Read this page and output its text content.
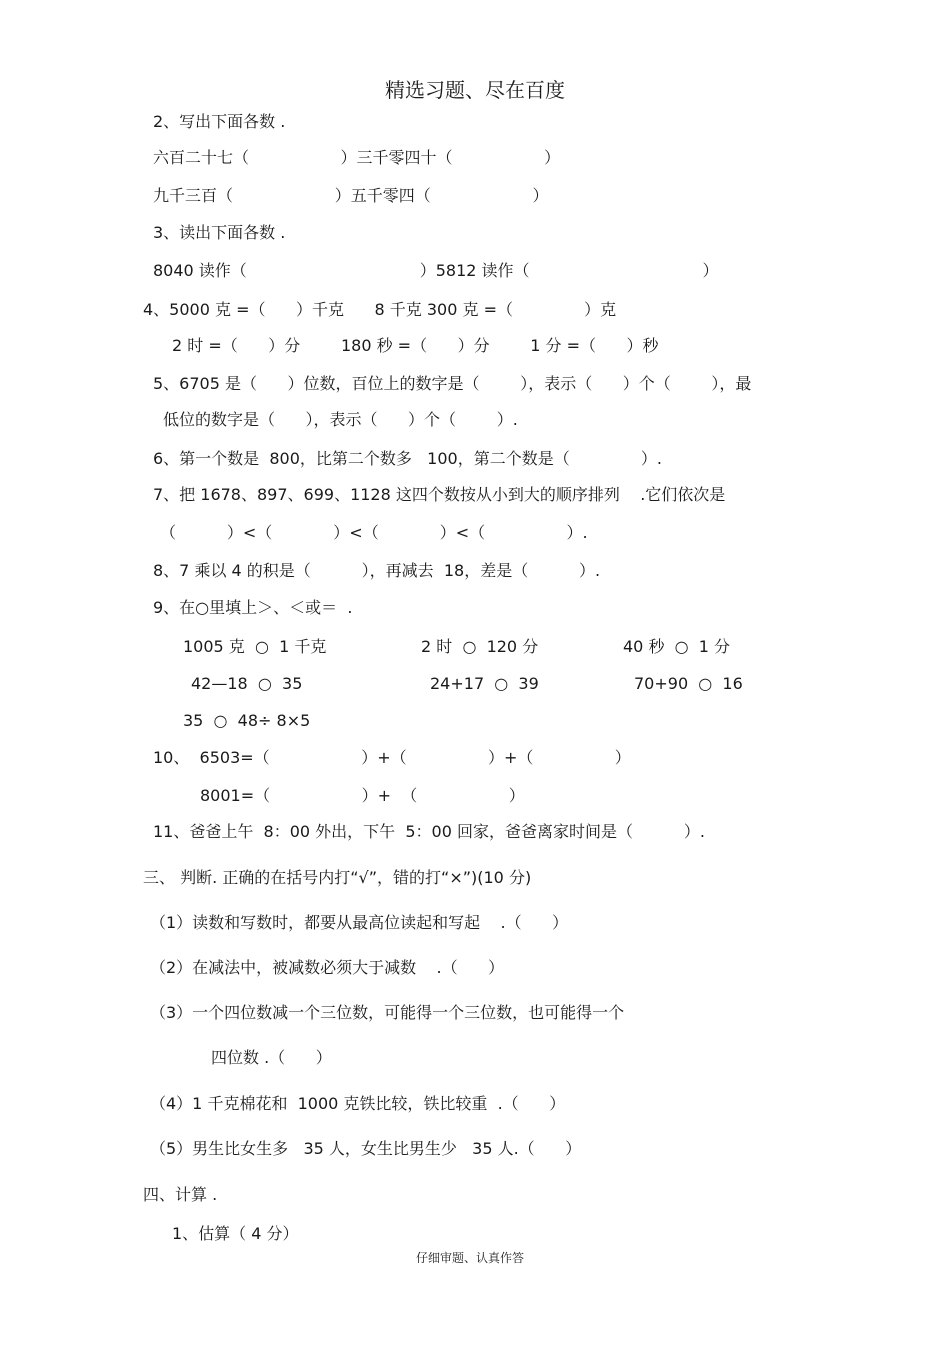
精选习题、尽在百度
2、写出下面各数 .
六百二十七（                  ）三千零四十（                  ）
九千三百（                    ）五千零四（                    ）
3、读出下面各数 .
8040 读作（                                  ）5812 读作（                                  ）
4、5000 克 =（      ）千克      8 千克 300 克 =（              ）克
2 时 =（      ）分        180 秒 =（      ）分        1 分 =（      ）秒
5、6705 是（      ）位数，百位上的数字是（        ），表示（      ）个（        ），最
低位的数字是（      ），表示（      ）个（        ）.
6、第一个数是  800，比第二个数多   100，第二个数是（              ）.
7、把 1678、897、699、1128 这四个数按从小到大的顺序排列    .它们依次是
（          ）<（            ）<（            ）<（                ）.
8、7 乘以 4 的积是（          ），再减去  18，差是（          ）.
9、在○里填上＞、＜或＝  .
1005 克  ○  1 千克	2 时  ○  120 分	40 秒  ○  1 分
42—18  ○  35	24+17  ○  39	70+90  ○  16
35  ○  48÷ 8×5
10、  6503=（                  ）+（                ）+（                ）
8001=（                  ）+  （                  ）
11、爸爸上午  8：00 外出，下午  5：00 回家，爸爸离家时间是（          ）.
三、 判断. 正确的在括号内打“√”，错的打“×”)(10 分)
（1）读数和写数时，都要从最高位读起和写起    .（      ）
（2）在减法中，被减数必须大于减数    .（      ）
（3）一个四位数减一个三位数，可能得一个三位数，也可能得一个
四位数 .（      ）
（4）1 千克棉花和  1000 克铁比较，铁比较重  .（      ）
（5）男生比女生多   35 人，女生比男生少   35 人.（      ）
四、计算 .
1、估算（ 4 分）
仔细审题、认真作答
